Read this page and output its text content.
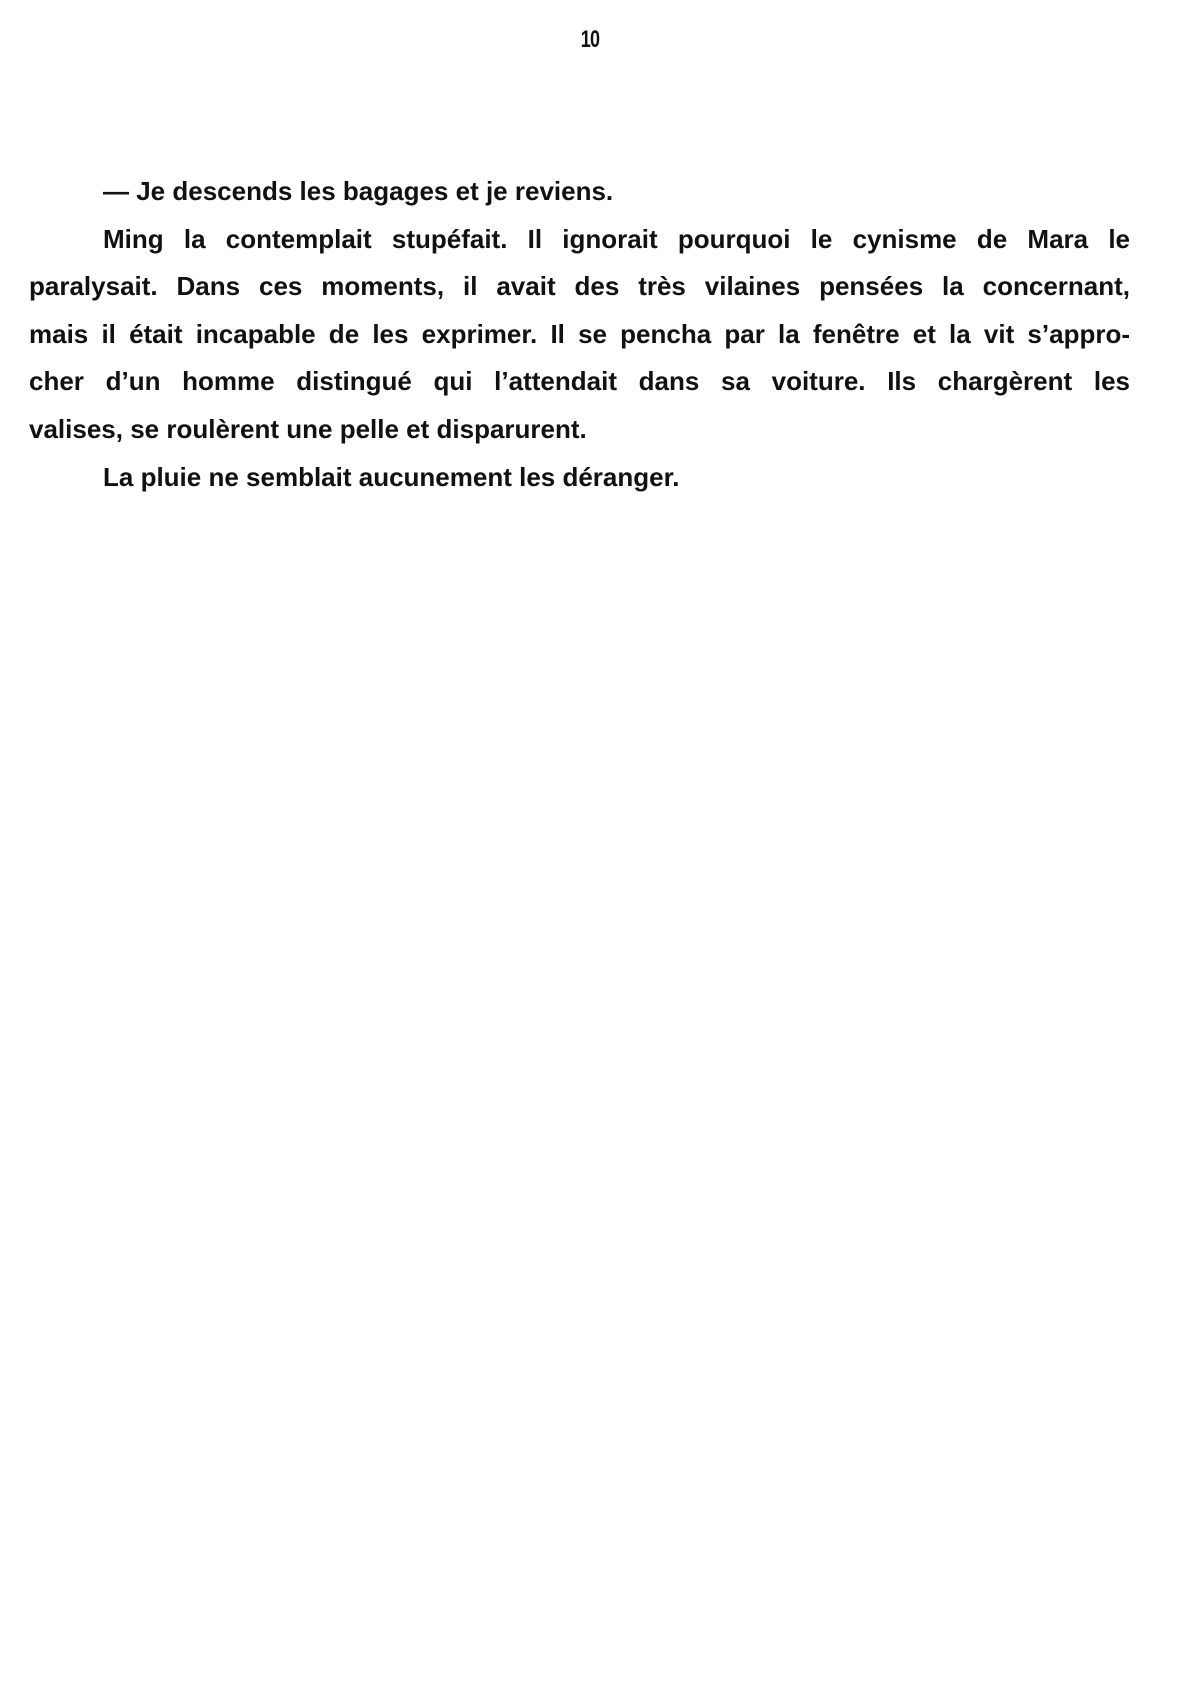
10
— Je descends les bagages et je reviens.
Ming la contemplait stupéfait. Il ignorait pourquoi le cynisme de Mara le
paralysait. Dans ces moments, il avait des très vilaines pensées la concernant,
mais il était incapable de les exprimer. Il se pencha par la fenêtre et la vit s’appro-
cher d’un homme distingué qui l’attendait dans sa voiture. Ils chargèrent les
valises, se roulèrent une pelle et disparurent.
La pluie ne semblait aucunement les déranger.
